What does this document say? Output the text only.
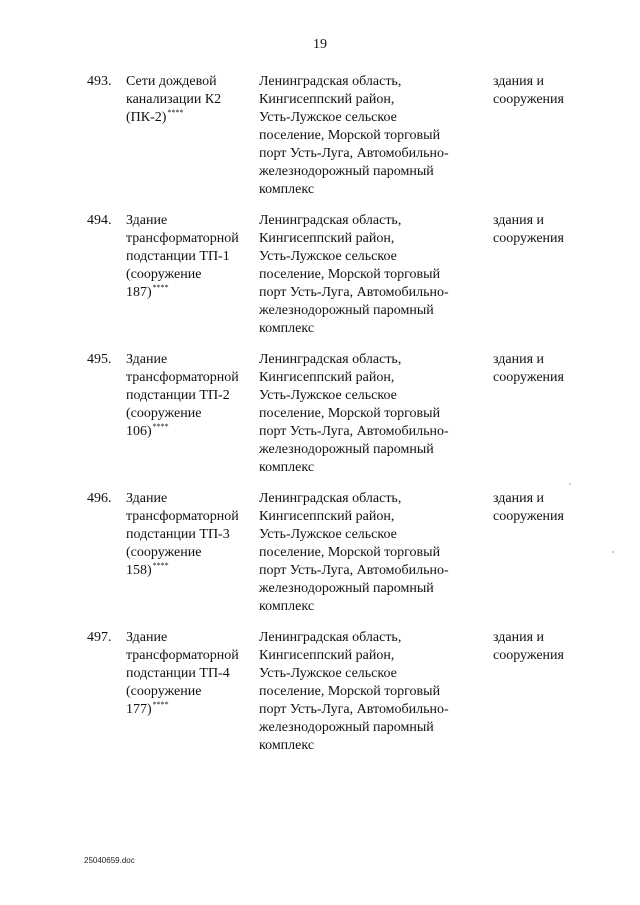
19
493. Сети дождевой
канализации К2
(ПК-2)****
Ленинградская область,
Кингисеппский район,
Усть-Лужское сельское
поселение, Морской торговый
порт Усть-Луга, Автомобильно-
железнодорожный паромный
комплекс
здания и
сооружения
494. Здание
трансформаторной
подстанции ТП-1
(сооружение
187)****
Ленинградская область,
Кингисеппский район,
Усть-Лужское сельское
поселение, Морской торговый
порт Усть-Луга, Автомобильно-
железнодорожный паромный
комплекс
здания и
сооружения
495. Здание
трансформаторной
подстанции ТП-2
(сооружение
106)****
Ленинградская область,
Кингисеппский район,
Усть-Лужское сельское
поселение, Морской торговый
порт Усть-Луга, Автомобильно-
железнодорожный паромный
комплекс
здания и
сооружения
496. Здание
трансформаторной
подстанции ТП-3
(сооружение
158)****
Ленинградская область,
Кингисеппский район,
Усть-Лужское сельское
поселение, Морской торговый
порт Усть-Луга, Автомобильно-
железнодорожный паромный
комплекс
здания и
сооружения
497. Здание
трансформаторной
подстанции ТП-4
(сооружение
177)****
Ленинградская область,
Кингисеппский район,
Усть-Лужское сельское
поселение, Морской торговый
порт Усть-Луга, Автомобильно-
железнодорожный паромный
комплекс
здания и
сооружения
25040659.doc
